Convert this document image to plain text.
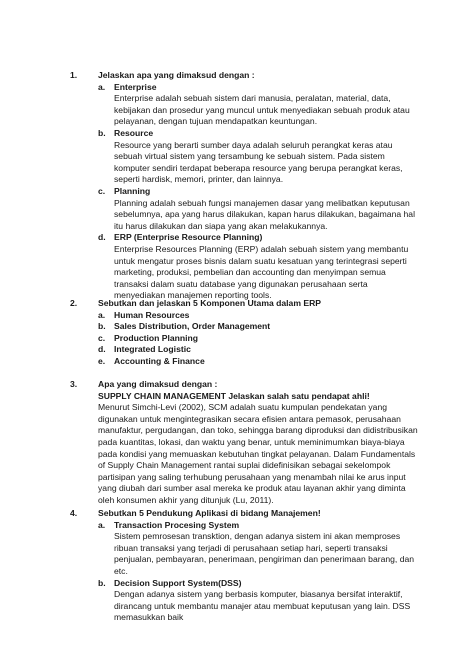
1.	Jelaskan apa yang dimaksud dengan :
a.	Enterprise
Enterprise adalah sebuah sistem dari manusia, peralatan, material, data, kebijakan dan prosedur yang muncul untuk menyediakan sebuah produk atau pelayanan, dengan tujuan mendapatkan keuntungan.
b. Resource
Resource yang berarti sumber daya adalah seluruh perangkat keras atau sebuah virtual sistem yang tersambung ke sebuah sistem. Pada sistem komputer sendiri terdapat beberapa resource yang berupa perangkat keras, seperti hardisk, memori, printer, dan lainnya.
c.	Planning
Planning adalah sebuah fungsi manajemen dasar yang melibatkan keputusan sebelumnya, apa yang harus dilakukan, kapan harus dilakukan, bagaimana hal itu harus dilakukan dan siapa yang akan melakukannya.
d. ERP (Enterprise Resource Planning)
Enterprise Resources Planning (ERP) adalah sebuah sistem yang membantu untuk mengatur proses bisnis dalam suatu kesatuan yang terintegrasi seperti marketing, produksi, pembelian dan accounting dan menyimpan semua transaksi dalam suatu database yang digunakan perusahaan serta menyediakan manajemen reporting tools.
2.	Sebutkan dan jelaskan 5 Komponen Utama dalam ERP
a.	Human Resources
b. Sales Distribution, Order Management
c.	Production Planning
d. Integrated Logistic
e.	Accounting & Finance
3.	Apa yang dimaksud dengan :
SUPPLY CHAIN MANAGEMENT Jelaskan salah satu pendapat ahli!
Menurut Simchi-Levi (2002), SCM adalah suatu kumpulan pendekatan yang digunakan untuk mengintegrasikan secara efisien antara pemasok, perusahaan manufaktur, pergudangan, dan toko, sehingga barang diproduksi dan didistribusikan pada kuantitas, lokasi, dan waktu yang benar, untuk meminimumkan biaya-biaya pada kondisi yang memuaskan kebutuhan tingkat pelayanan. Dalam Fundamentals of Supply Chain Management rantai suplai didefinisikan sebagai sekelompok partisipan yang saling terhubung perusahaan yang menambah nilai ke arus input yang diubah dari sumber asal mereka ke produk atau layanan akhir yang diminta oleh konsumen akhir yang ditunjuk (Lu, 2011).
4.	Sebutkan 5 Pendukung Aplikasi di bidang Manajemen!
a.	Transaction Procesing System
Sistem pemrosesan transktion, dengan adanya sistem ini akan memproses ribuan transaksi yang terjadi di perusahaan setiap hari, seperti transaksi penjualan, pembayaran, penerimaan, pengiriman dan penerimaan barang, dan etc.
b. Decision Support System(DSS)
Dengan adanya sistem yang berbasis komputer, biasanya bersifat interaktif, dirancang untuk membantu manajer atau membuat keputusan yang lain. DSS memasukkan baik
